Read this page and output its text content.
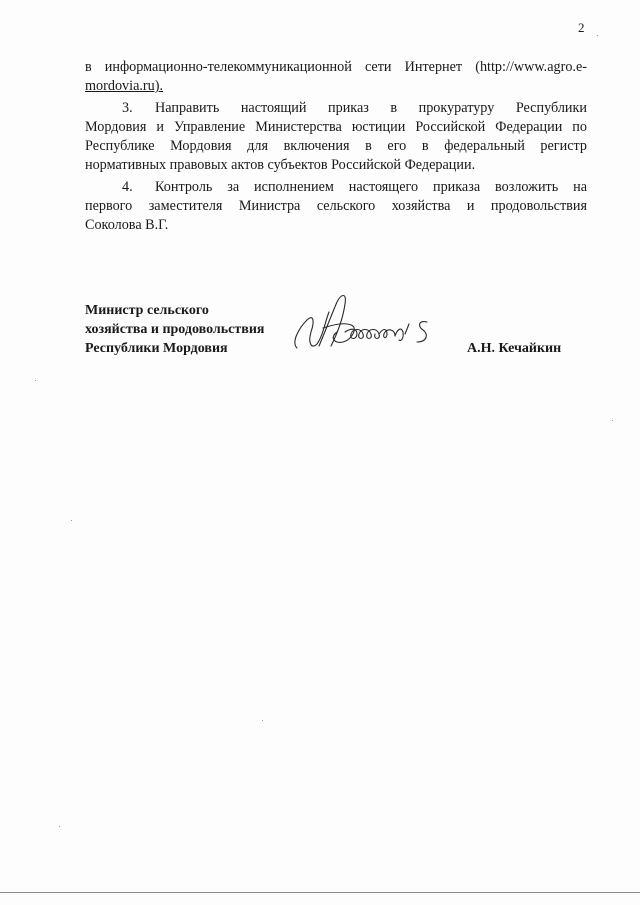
2
в информационно-телекоммуникационной сети Интернет (http://www.agro.e-
mordovia.ru).
3. Направить настоящий приказ в прокуратуру Республики
Мордовия и Управление Министерства юстиции Российской Федерации по
Республике Мордовия для включения в его в федеральный регистр
нормативных правовых актов субъектов Российской Федерации.
4. Контроль за исполнением настоящего приказа возложить на
первого заместителя Министра сельского хозяйства и продовольствия
Соколова В.Г.
Министр сельского
хозяйства и продовольствия
Республики Мордовия	А.Н. Кечайкин
